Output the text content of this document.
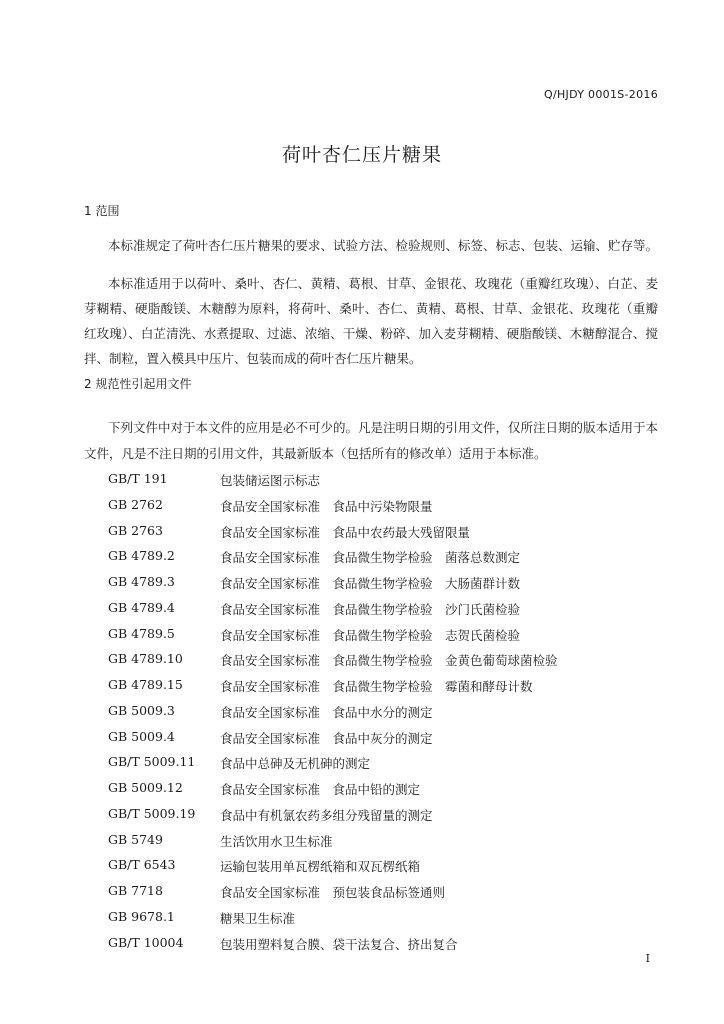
Q/HJDY 0001S-2016
荷叶杏仁压片糖果
1 范围

本标准规定了荷叶杏仁压片糖果的要求、试验方法、检验规则、标签、标志、包装、运输、贮存等。

本标准适用于以荷叶、桑叶、杏仁、黄精、葛根、甘草、金银花、玫瑰花（重瓣红玫瑰）、白芷、麦芽糊精、硬脂酸镁、木糖醇为原料，将荷叶、桑叶、杏仁、黄精、葛根、甘草、金银花、玫瑰花（重瓣红玫瑰）、白芷清洗、水煮提取、过滤、浓缩、干燥、粉碎、加入麦芽糊精、硬脂酸镁、木糖醇混合、搅拌、制粒，置入模具中压片、包装而成的荷叶杏仁压片糖果。

2 规范性引起用文件

下列文件中对于本文件的应用是必不可少的。凡是注明日期的引用文件，仅所注日期的版本适用于本文件，凡是不注日期的引用文件，其最新版本（包括所有的修改单）适用于本标准。

GB/T 191	包装储运图示标志
GB 2762	食品安全国家标准　食品中污染物限量
GB 2763	食品安全国家标准　食品中农药最大残留限量
GB 4789.2	食品安全国家标准　食品微生物学检验　菌落总数测定
GB 4789.3	食品安全国家标准　食品微生物学检验　大肠菌群计数
GB 4789.4	食品安全国家标准　食品微生物学检验　沙门氏菌检验
GB 4789.5	食品安全国家标准　食品微生物学检验　志贺氏菌检验
GB 4789.10	食品安全国家标准　食品微生物学检验　金黄色葡萄球菌检验
GB 4789.15	食品安全国家标准　食品微生物学检验　霉菌和酵母计数
GB 5009.3	食品安全国家标准　食品中水分的测定
GB 5009.4	食品安全国家标准　食品中灰分的测定
GB/T 5009.11 食品中总砷及无机砷的测定
GB 5009.12	食品安全国家标准　食品中铅的测定
GB/T 5009.19 食品中有机氯农药多组分残留量的测定
GB 5749	生活饮用水卫生标准
GB/T 6543	运输包装用单瓦楞纸箱和双瓦楞纸箱
GB 7718	食品安全国家标准　预包装食品标签通则
GB 9678.1	糖果卫生标准
GB/T 10004	包装用塑料复合膜、袋干法复合、挤出复合
I
